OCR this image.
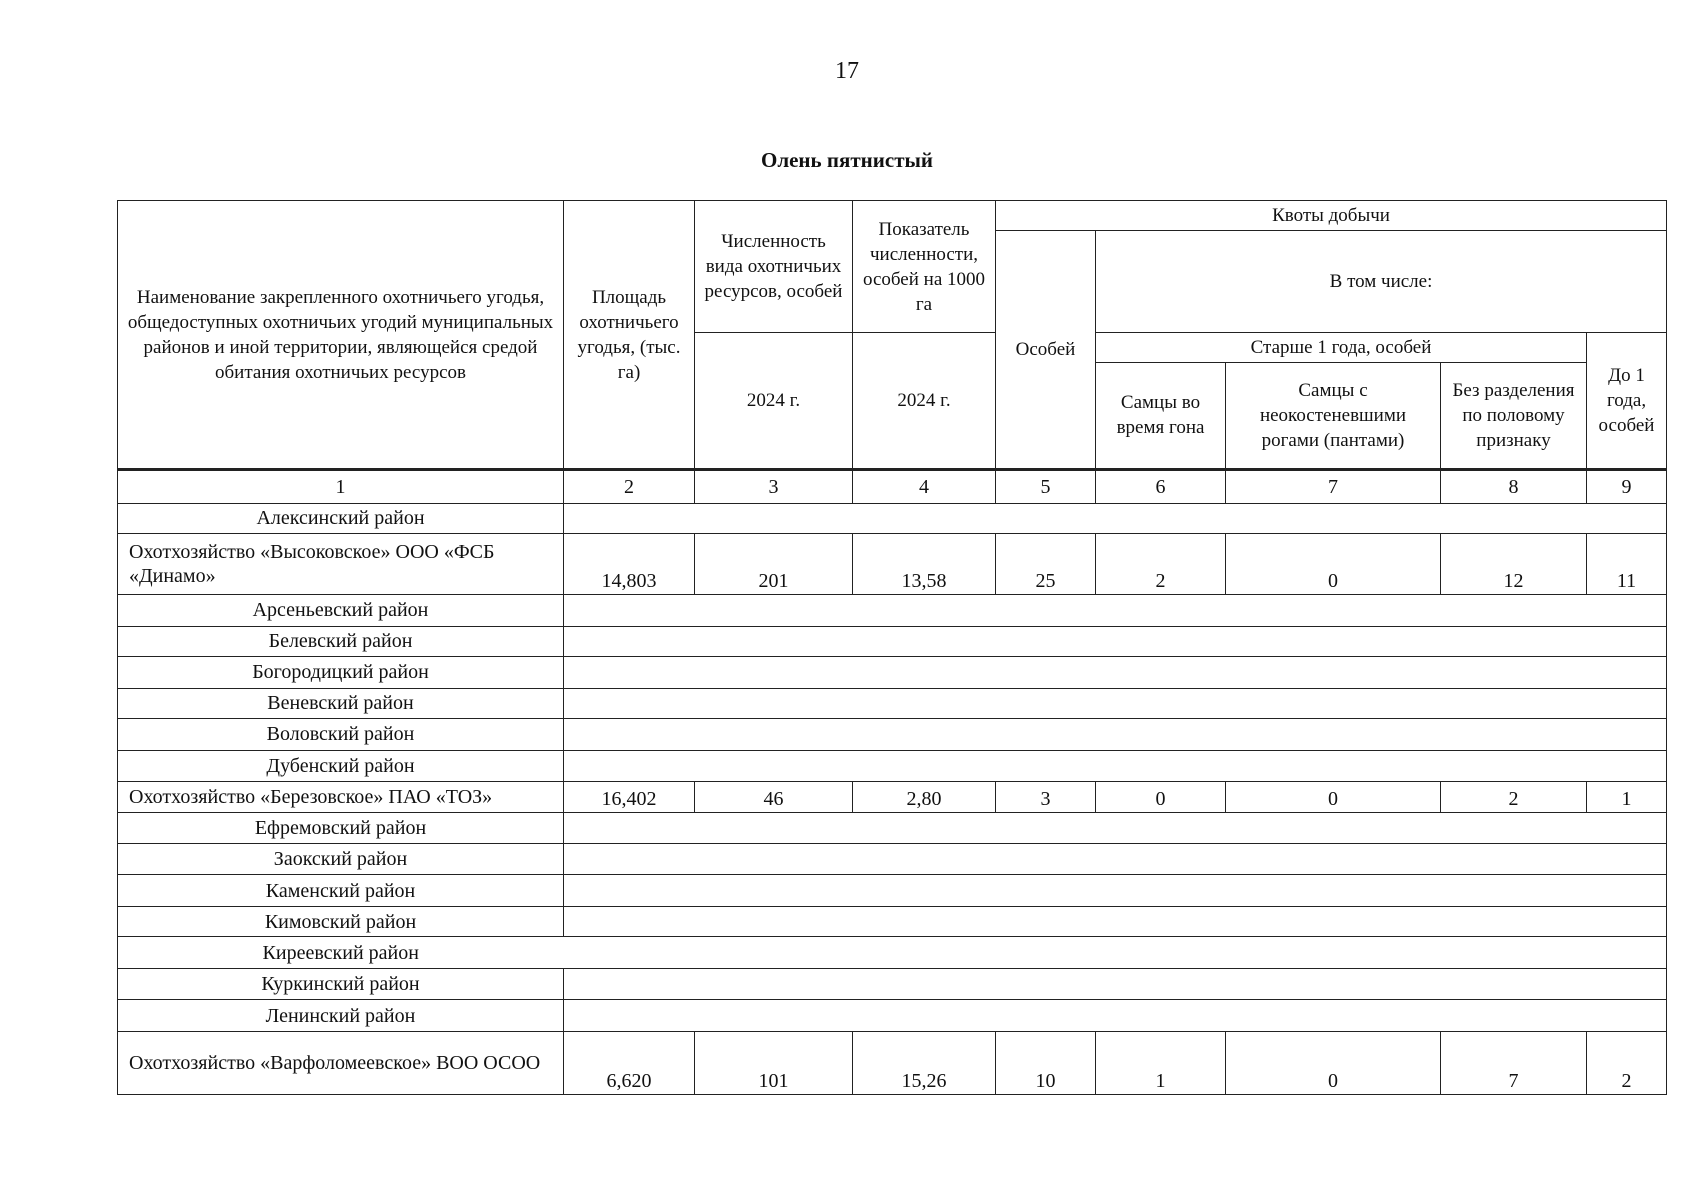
17
Олень пятнистый
Наименование закрепленного охотничьего угодья, общедоступных охотничьих угодий муниципальных районов и иной территории, являющейся средой обитания охотничьих ресурсов	Площадь охотничьего угодья, (тыс. га)	Численность вида охотничьих ресурсов, особей	Показатель численности, особей на 1000 га	Квоты добычи				
				Особей	В том числе:			
		2024 г.	2024 г.		Старше 1 года, особей			До 1 года, особей
					Самцы во время гона	Самцы с неокостеневшими рогами (пантами)	Без разделения по половому признаку	
1	2	3	4	5	6	7	8	9
Алексинский район								
Охотхозяйство «Высоковское» ООО «ФСБ «Динамо»	14,803	201	13,58	25	2	0	12	11
Арсеньевский район								
Белевский район								
Богородицкий район								
Веневский район								
Воловский район								
Дубенский район								
Охотхозяйство «Березовское» ПАО «ТОЗ»	16,402	46	2,80	3	0	0	2	1
Ефремовский район								
Заокский район								
Каменский район								
Кимовский район								
Киреевский район								
Куркинский район								
Ленинский район								
Охотхозяйство «Варфоломеевское» ВОО ОСОО	6,620	101	15,26	10	1	0	7	2
